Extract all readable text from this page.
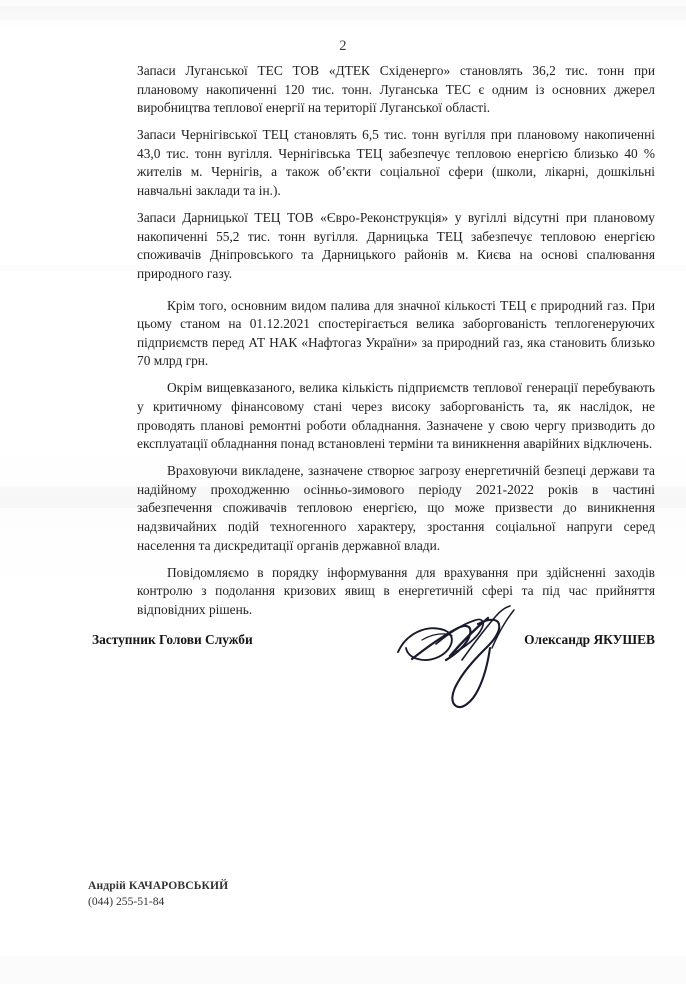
2

Запаси Луганської ТЕС ТОВ «ДТЕК Східенерго» становлять 36,2 тис. тонн при плановому накопиченні 120 тис. тонн. Луганська ТЕС є одним із основних джерел виробництва теплової енергії на території Луганської області.

Запаси Чернігівської ТЕЦ становлять 6,5 тис. тонн вугілля при плановому накопиченні 43,0 тис. тонн вугілля. Чернігівська ТЕЦ забезпечує тепловою енергією близько 40 % жителів м. Чернігів, а також об’єкти соціальної сфери (школи, лікарні, дошкільні навчальні заклади та ін.).

Запаси Дарницької ТЕЦ ТОВ «Євро-Реконструкція» у вугіллі відсутні при плановому накопиченні 55,2 тис. тонн вугілля. Дарницька ТЕЦ забезпечує тепловою енергією споживачів Дніпровського та Дарницького районів м. Києва на основі спалювання природного газу.

Крім того, основним видом палива для значної кількості ТЕЦ є природний газ. При цьому станом на 01.12.2021 спостерігається велика заборгованість теплогенеруючих підприємств перед АТ НАК «Нафтогаз України» за природний газ, яка становить близько 70 млрд грн.

Окрім вищевказаного, велика кількість підприємств теплової генерації перебувають у критичному фінансовому стані через високу заборгованість та, як наслідок, не проводять планові ремонтні роботи обладнання. Зазначене у свою чергу призводить до експлуатації обладнання понад встановлені терміни та виникнення аварійних відключень.

Враховуючи викладене, зазначене створює загрозу енергетичній безпеці держави та надійному проходженню осінньо-зимового періоду 2021-2022 років в частині забезпечення споживачів тепловою енергією, що може призвести до виникнення надзвичайних подій техногенного характеру, зростання соціальної напруги серед населення та дискредитації органів державної влади.

Повідомляємо в порядку інформування для врахування при здійсненні заходів контролю з подолання кризових явищ в енергетичній сфері та під час прийняття відповідних рішень.

Заступник Голови Служби	Олександр ЯКУШЕВ
Андрій КАЧАРОВСЬКИЙ
(044) 255-51-84
